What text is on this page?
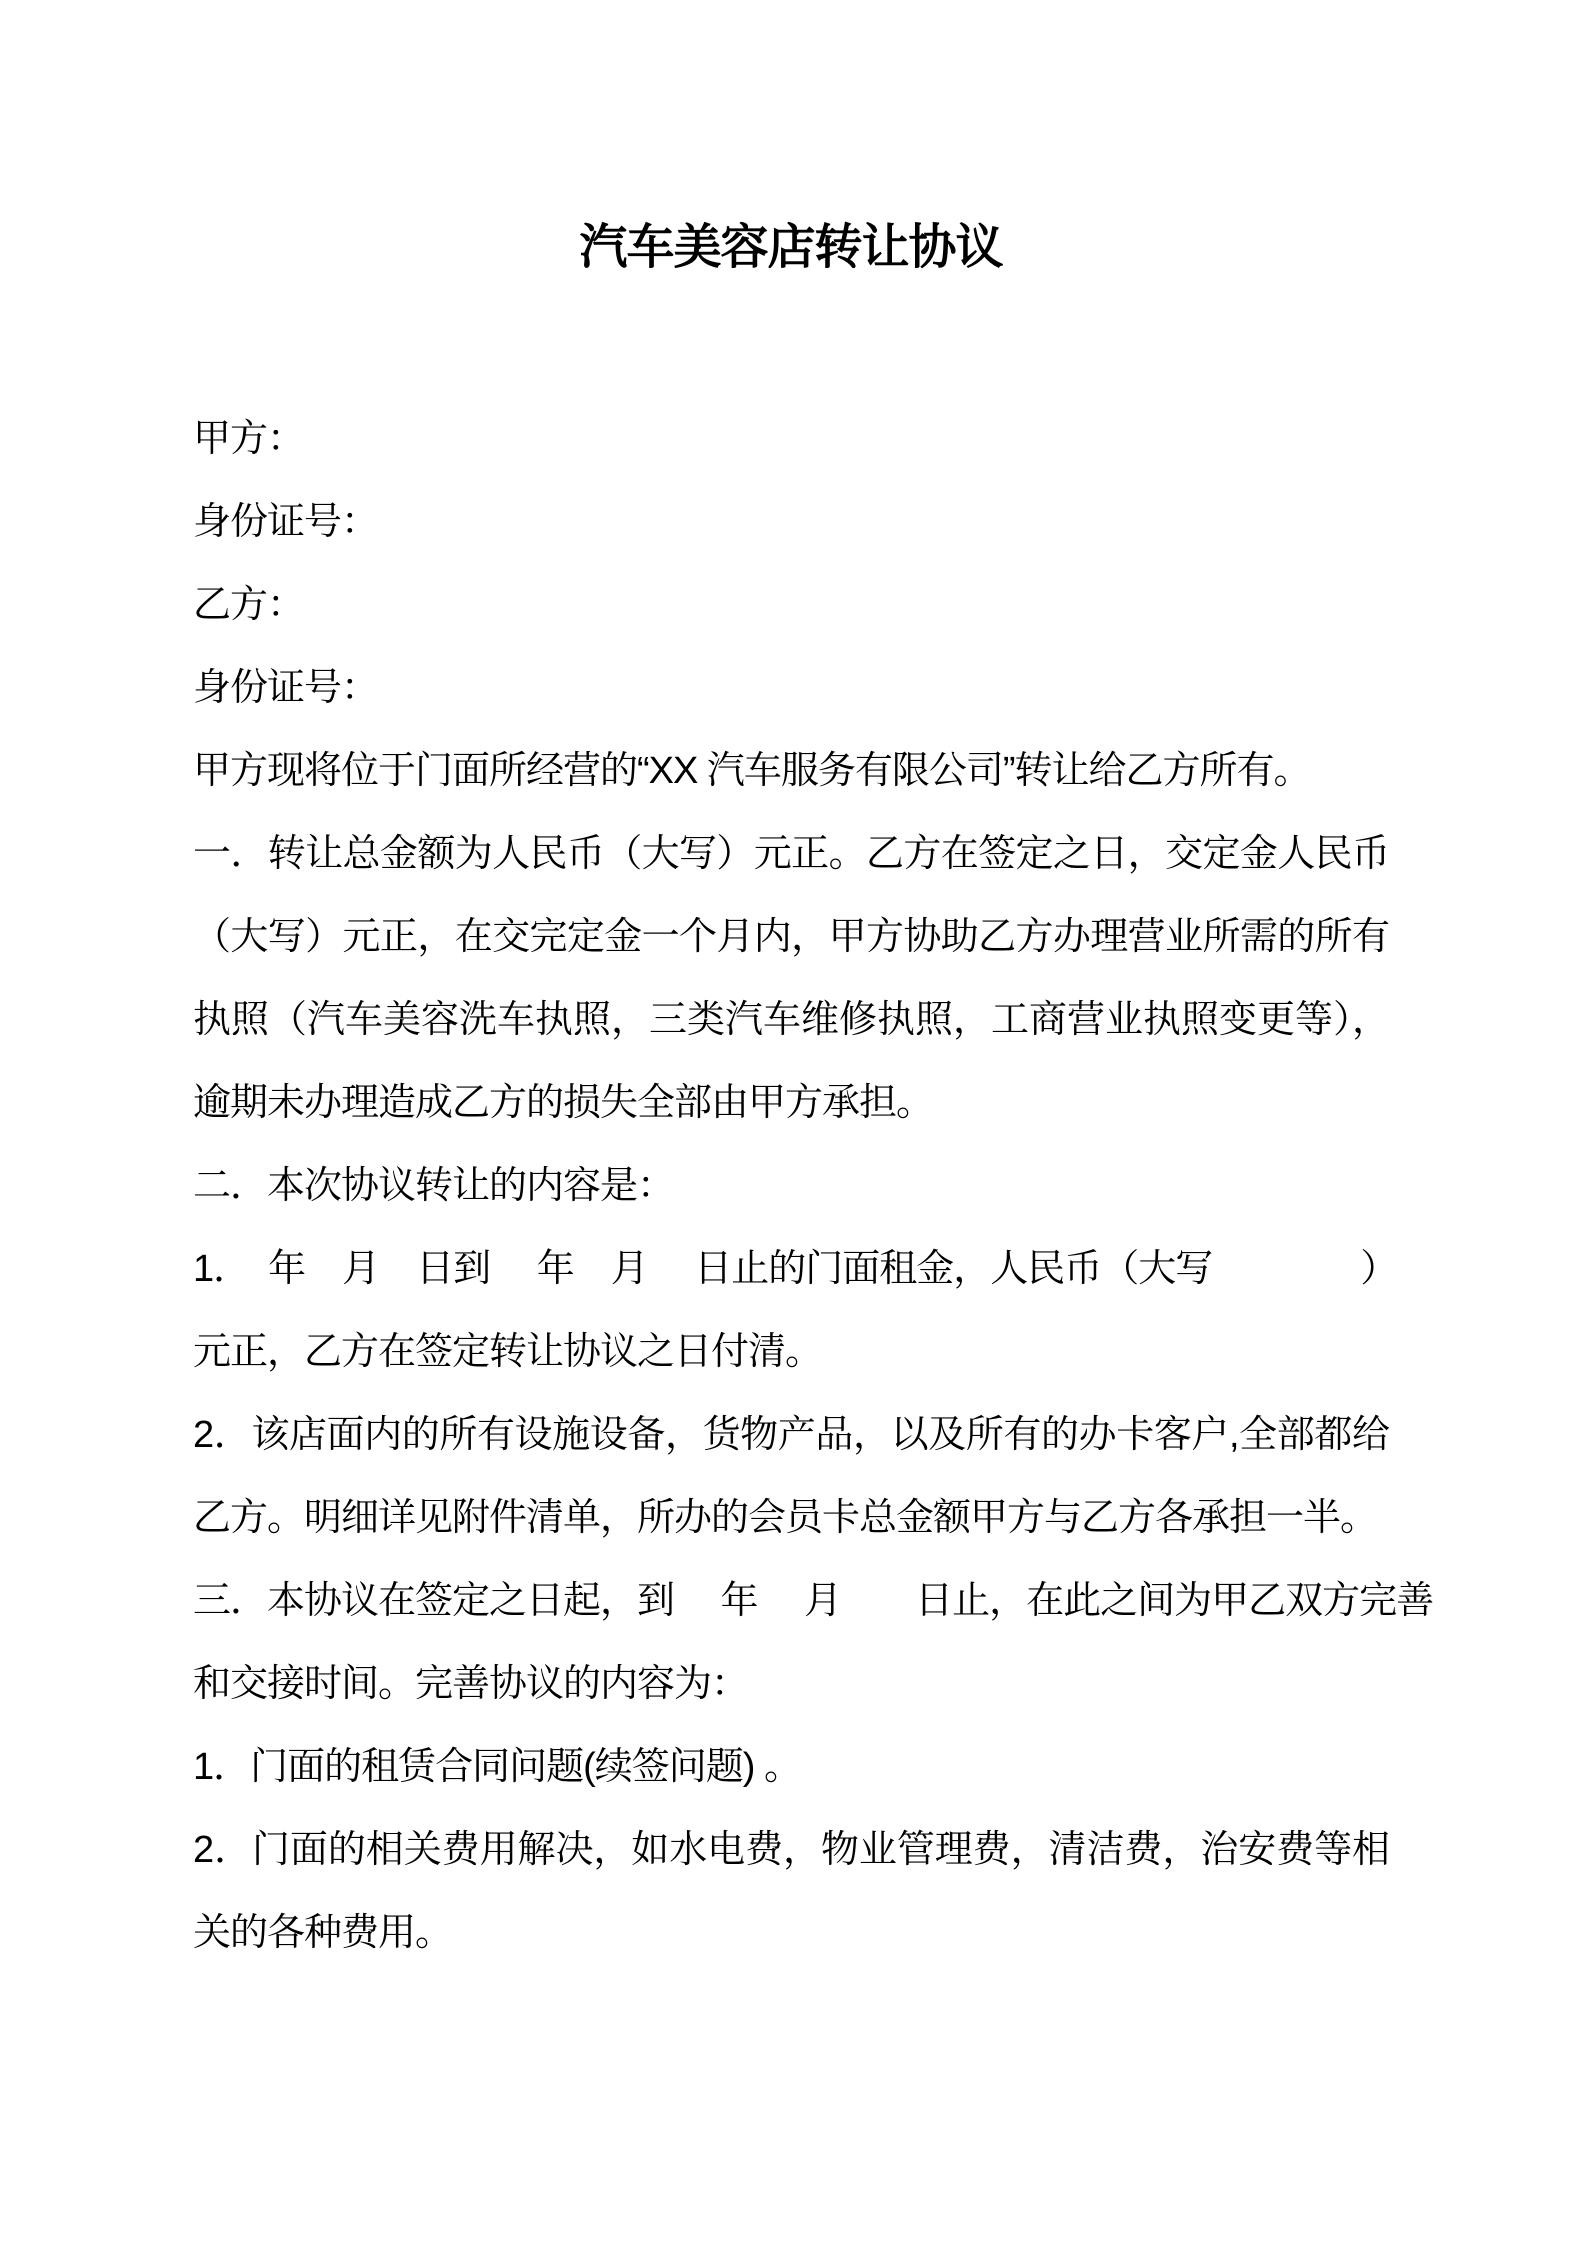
汽车美容店转让协议
甲方：
身份证号：
乙方：
身份证号：
甲方现将位于门面所经营的“XX 汽车服务有限公司”转让给乙方所有。
一．转让总金额为人民币（大写）元正。乙方在签定之日，交定金人民币
（大写）元正，在交完定金一个月内，甲方协助乙方办理营业所需的所有
执照（汽车美容洗车执照，三类汽车维修执照，工商营业执照变更等），
逾期未办理造成乙方的损失全部由甲方承担。
二．本次协议转让的内容是：
1．　年　月　日到　 年　月　 日止的门面租金，人民币（大写　　　　）
元正，乙方在签定转让协议之日付清。
2．该店面内的所有设施设备，货物产品，以及所有的办卡客户,全部都给
乙方。明细详见附件清单，所办的会员卡总金额甲方与乙方各承担一半。
三．本协议在签定之日起，到　 年　 月　　日止，在此之间为甲乙双方完善
和交接时间。完善协议的内容为：
1．门面的租赁合同问题(续签问题) 。
2．门面的相关费用解决，如水电费，物业管理费，清洁费，治安费等相
关的各种费用。
